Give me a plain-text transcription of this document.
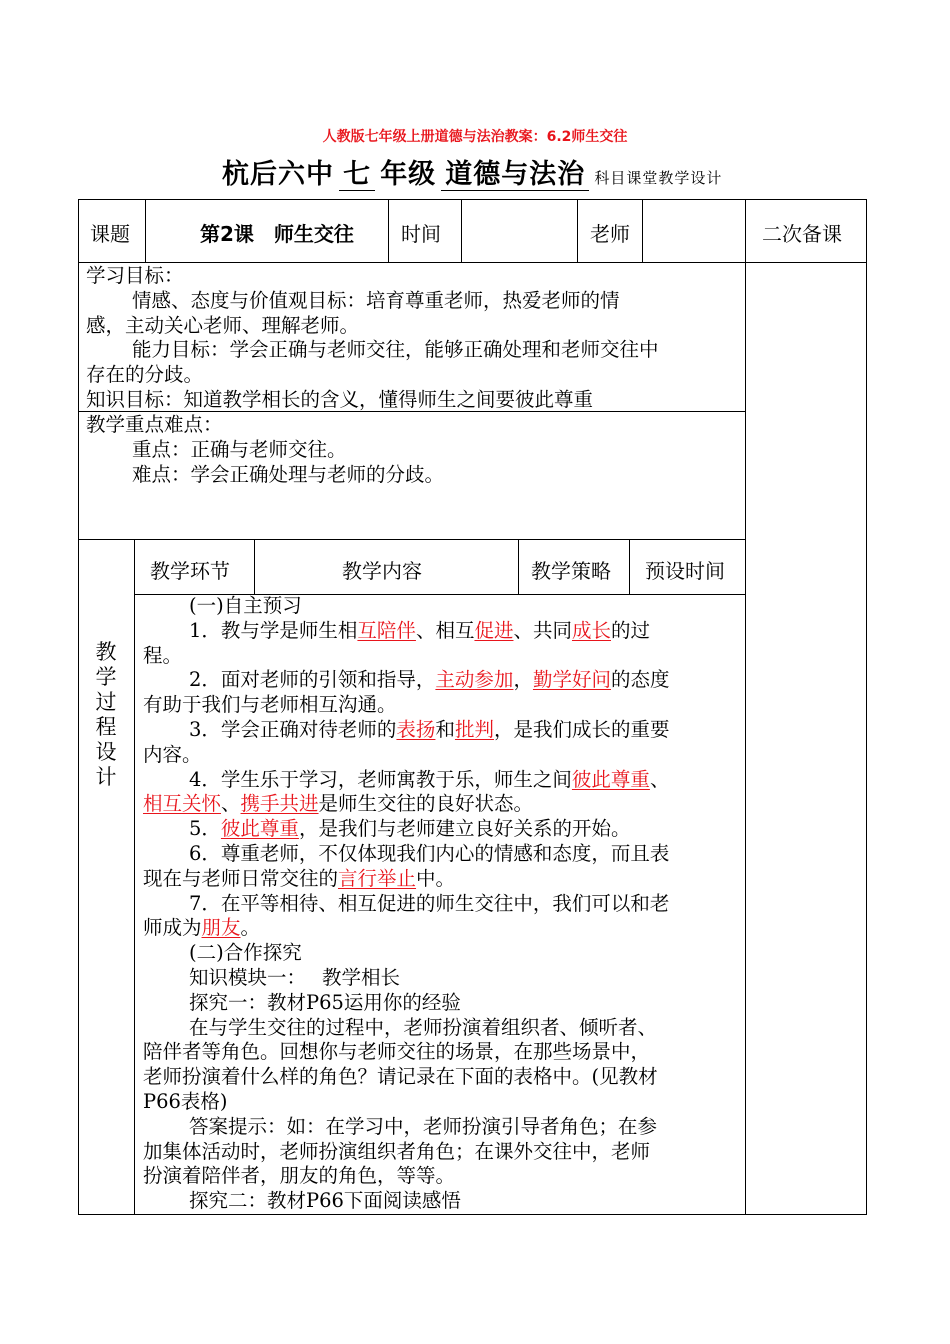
人教版七年级上册道德与法治教案：6.2师生交往
杭后六中 七 年级 道德与法治 科目课堂教学设计
课题	第2课　师生交往 时间	老师	二次备课

学习目标：

情感、态度与价值观目标：培育尊重老师，热爱老师的情

感，主动关心老师、理解老师。

能力目标：学会正确与老师交往，能够正确处理和老师交往中

存在的分歧。

知识目标：知道教学相长的含义，懂得师生之间要彼此尊重

教学重点难点：

重点：正确与老师交往。

难点：学会正确处理与老师的分歧。

教
学
过
程
设
计
教学环节	教学内容	教学策略 预设时间

(一)自主预习

1．教与学是师生相互陪伴、相互促进、共同成长的过

程。

2．面对老师的引领和指导，主动参加，勤学好问的态度

有助于我们与老师相互沟通。

3．学会正确对待老师的表扬和批判，是我们成长的重要

内容。

4．学生乐于学习，老师寓教于乐，师生之间彼此尊重、

相互关怀、携手共进是师生交往的良好状态。

5．彼此尊重，是我们与老师建立良好关系的开始。

6．尊重老师，不仅体现我们内心的情感和态度，而且表

现在与老师日常交往的言行举止中。

7．在平等相待、相互促进的师生交往中，我们可以和老

师成为朋友。

(二)合作探究

知识模块一：　 教学相长

探究一：教材P65运用你的经验

在与学生交往的过程中，老师扮演着组织者、倾听者、

陪伴者等角色。回想你与老师交往的场景，在那些场景中，

老师扮演着什么样的角色？请记录在下面的表格中。(见教材

P66表格)

答案提示：如：在学习中，老师扮演引导者角色；在参

加集体活动时，老师扮演组织者角色；在课外交往中，老师

扮演着陪伴者，朋友的角色，等等。

探究二：教材P66下面阅读感悟
